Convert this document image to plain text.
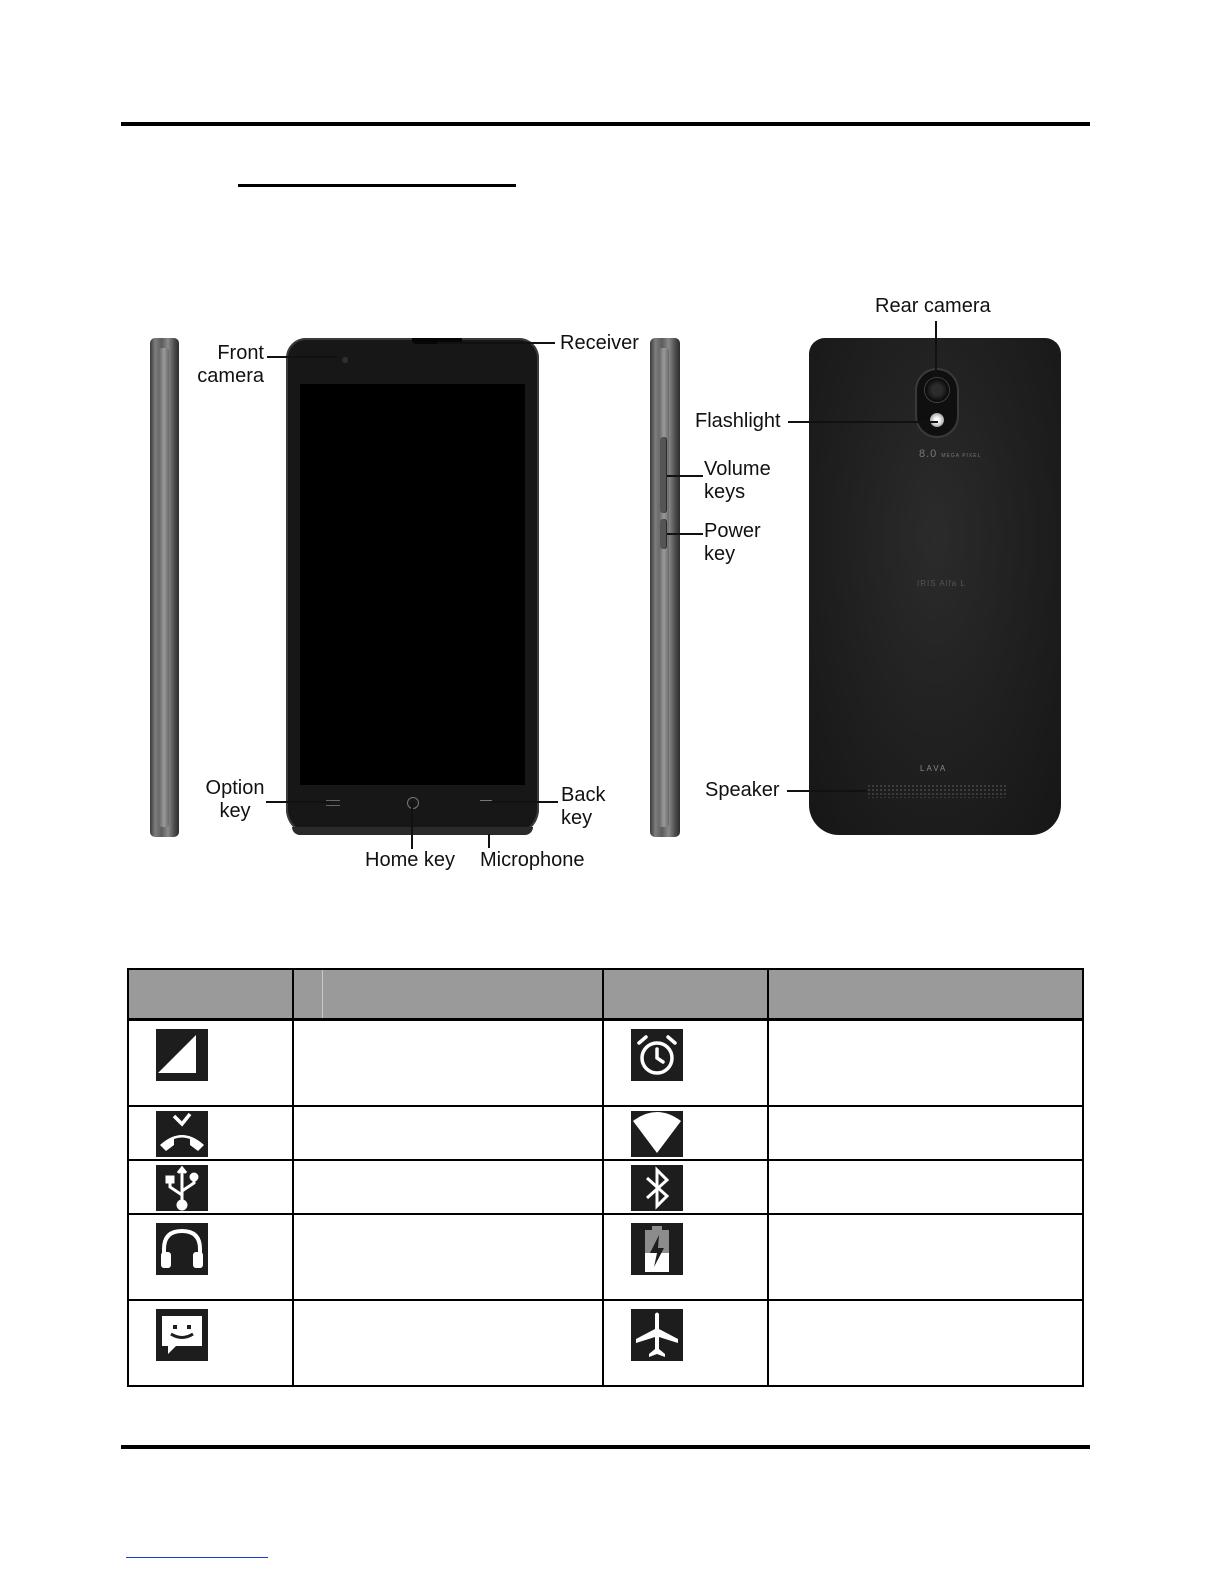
8.0 MEGA PIXEL
IRIS Alfa L
LAVA
Front camera
Receiver
Rear camera
Flashlight
Volume keys
Power key
Option key
Back key
Home key Microphone
Speaker
